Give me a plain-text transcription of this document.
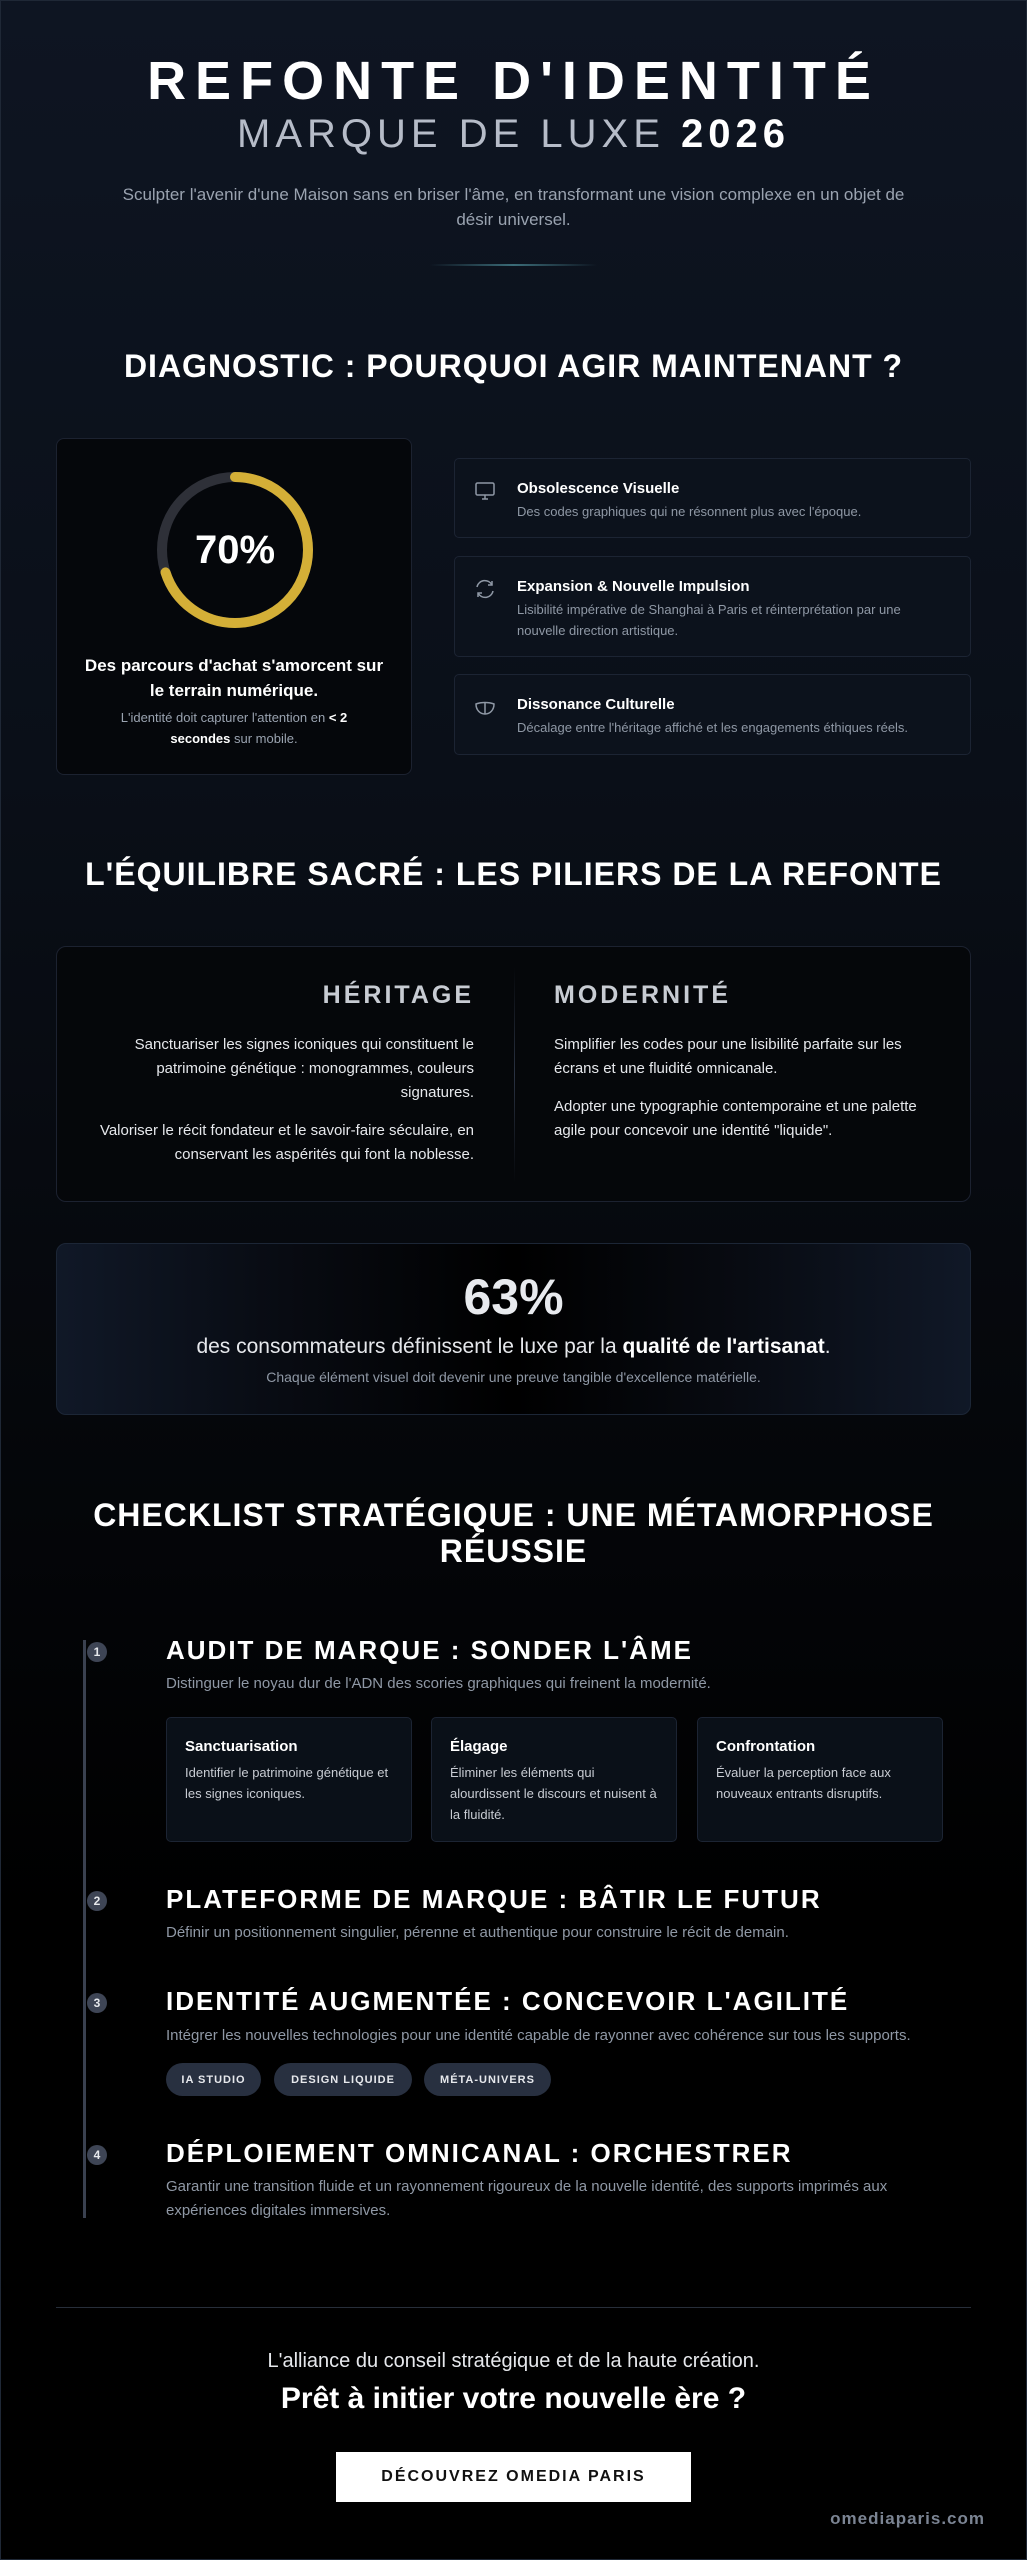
REFONTE D'IDENTITÉ
MARQUE DE LUXE 2026

Sculpter l'avenir d'une Maison sans en briser l'âme, en transformant une vision complexe en un objet de désir universel.

DIAGNOSTIC : POURQUOI AGIR MAINTENANT ?
70%
Des parcours d'achat s'amorcent sur le terrain numérique.
L'identité doit capturer l'attention en < 2 secondes sur mobile.
Obsolescence Visuelle
Des codes graphiques qui ne résonnent plus avec l'époque.
Expansion & Nouvelle Impulsion
Lisibilité impérative de Shanghai à Paris et réinterprétation par une nouvelle direction artistique.
Dissonance Culturelle
Décalage entre l'héritage affiché et les engagements éthiques réels.
L'ÉQUILIBRE SACRÉ : LES PILIERS DE LA REFONTE
HÉRITAGE
Sanctuariser les signes iconiques qui constituent le patrimoine génétique : monogrammes, couleurs signatures.
Valoriser le récit fondateur et le savoir-faire séculaire, en conservant les aspérités qui font la noblesse.
MODERNITÉ
Simplifier les codes pour une lisibilité parfaite sur les écrans et une fluidité omnicanale.
Adopter une typographie contemporaine et une palette agile pour concevoir une identité "liquide".
63%
des consommateurs définissent le luxe par la qualité de l'artisanat.
Chaque élément visuel doit devenir une preuve tangible d'excellence matérielle.
CHECKLIST STRATÉGIQUE : UNE MÉTAMORPHOSE RÉUSSIE
1	AUDIT DE MARQUE : SONDER L'ÂME
Distinguer le noyau dur de l'ADN des scories graphiques qui freinent la modernité.
Sanctuarisation
Identifier le patrimoine génétique et les signes iconiques.
Élagage
Éliminer les éléments qui alourdissent le discours et nuisent à la fluidité.
Confrontation
Évaluer la perception face aux nouveaux entrants disruptifs.
2	PLATEFORME DE MARQUE : BÂTIR LE FUTUR
Définir un positionnement singulier, pérenne et authentique pour construire le récit de demain.
3	IDENTITÉ AUGMENTÉE : CONCEVOIR L'AGILITÉ
Intégrer les nouvelles technologies pour une identité capable de rayonner avec cohérence sur tous les supports.
IA STUDIO	DESIGN LIQUIDE	MÉTA-UNIVERS
4	DÉPLOIEMENT OMNICANAL : ORCHESTRER
Garantir une transition fluide et un rayonnement rigoureux de la nouvelle identité, des supports imprimés aux expériences digitales immersives.
L'alliance du conseil stratégique et de la haute création.
Prêt à initier votre nouvelle ère ?
DÉCOUVREZ OMEDIA PARIS
omediaparis.com
